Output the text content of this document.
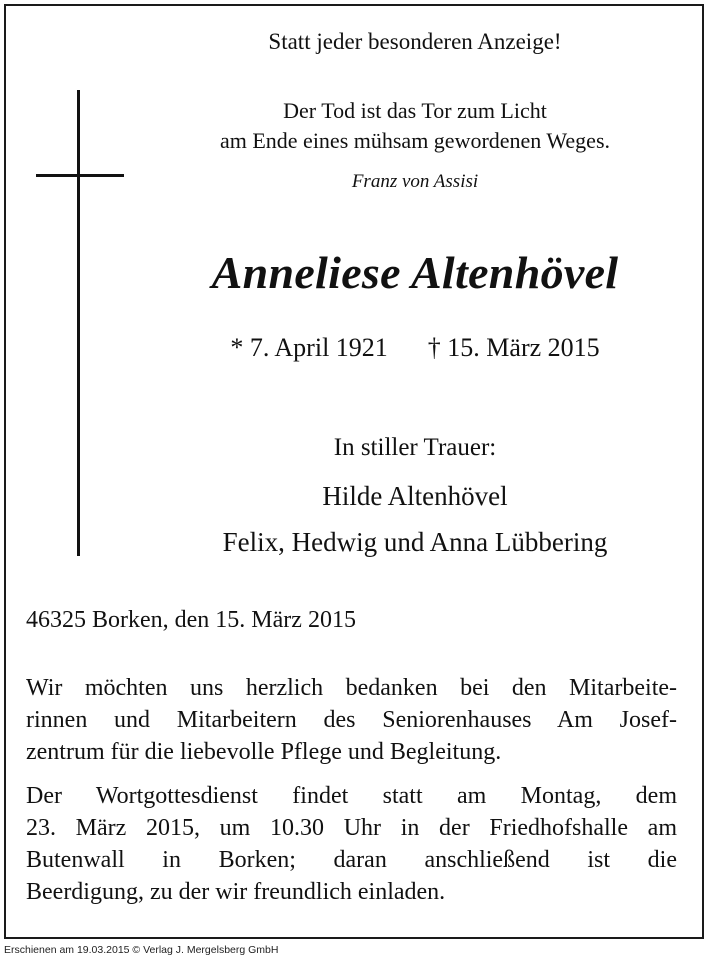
Statt jeder besonderen Anzeige!
Der Tod ist das Tor zum Licht
am Ende eines mühsam gewordenen Weges.
Franz von Assisi
Anneliese Altenhövel
* 7. April 1921 † 15. März 2015
In stiller Trauer:
Hilde Altenhövel
Felix, Hedwig und Anna Lübbering
46325 Borken, den 15. März 2015
Wir möchten uns herzlich bedanken bei den Mitarbeite-
rinnen und Mitarbeitern des Seniorenhauses Am Josef-
zentrum für die liebevolle Pflege und Begleitung.
Der Wortgottesdienst findet statt am Montag, dem
23. März 2015, um 10.30 Uhr in der Friedhofshalle am
Butenwall in Borken; daran anschließend ist die
Beerdigung, zu der wir freundlich einladen.
Erschienen am 19.03.2015 © Verlag J. Mergelsberg GmbH
